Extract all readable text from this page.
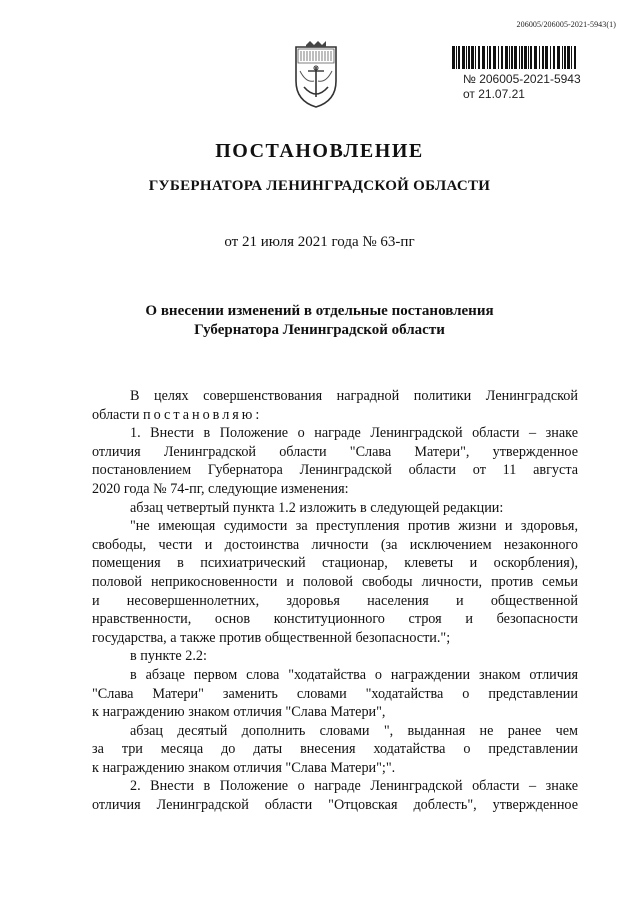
206005/206005-2021-5943(1)
№ 206005-2021-5943
от 21.07.21
ПОСТАНОВЛЕНИЕ
ГУБЕРНАТОРА ЛЕНИНГРАДСКОЙ ОБЛАСТИ
от 21 июля 2021 года № 63-пг
О внесении изменений в отдельные постановления
Губернатора Ленинградской области
В целях совершенствования наградной политики Ленинградской
области постановляю:
1. Внести в Положение о награде Ленинградской области – знаке
отличия Ленинградской области "Слава Матери", утвержденное
постановлением Губернатора Ленинградской области от 11 августа
2020 года № 74-пг, следующие изменения:
абзац четвертый пункта 1.2 изложить в следующей редакции:
"не имеющая судимости за преступления против жизни и здоровья,
свободы, чести и достоинства личности (за исключением незаконного
помещения в психиатрический стационар, клеветы и оскорбления),
половой неприкосновенности и половой свободы личности, против семьи
и несовершеннолетних, здоровья населения и общественной
нравственности, основ конституционного строя и безопасности
государства, а также против общественной безопасности.";
в пункте 2.2:
в абзаце первом слова "ходатайства о награждении знаком отличия
"Слава Матери" заменить словами "ходатайства о представлении
к награждению знаком отличия "Слава Матери",
абзац десятый дополнить словами ", выданная не ранее чем
за три месяца до даты внесения ходатайства о представлении
к награждению знаком отличия "Слава Матери";".
2. Внести в Положение о награде Ленинградской области – знаке
отличия Ленинградской области "Отцовская доблесть", утвержденное
